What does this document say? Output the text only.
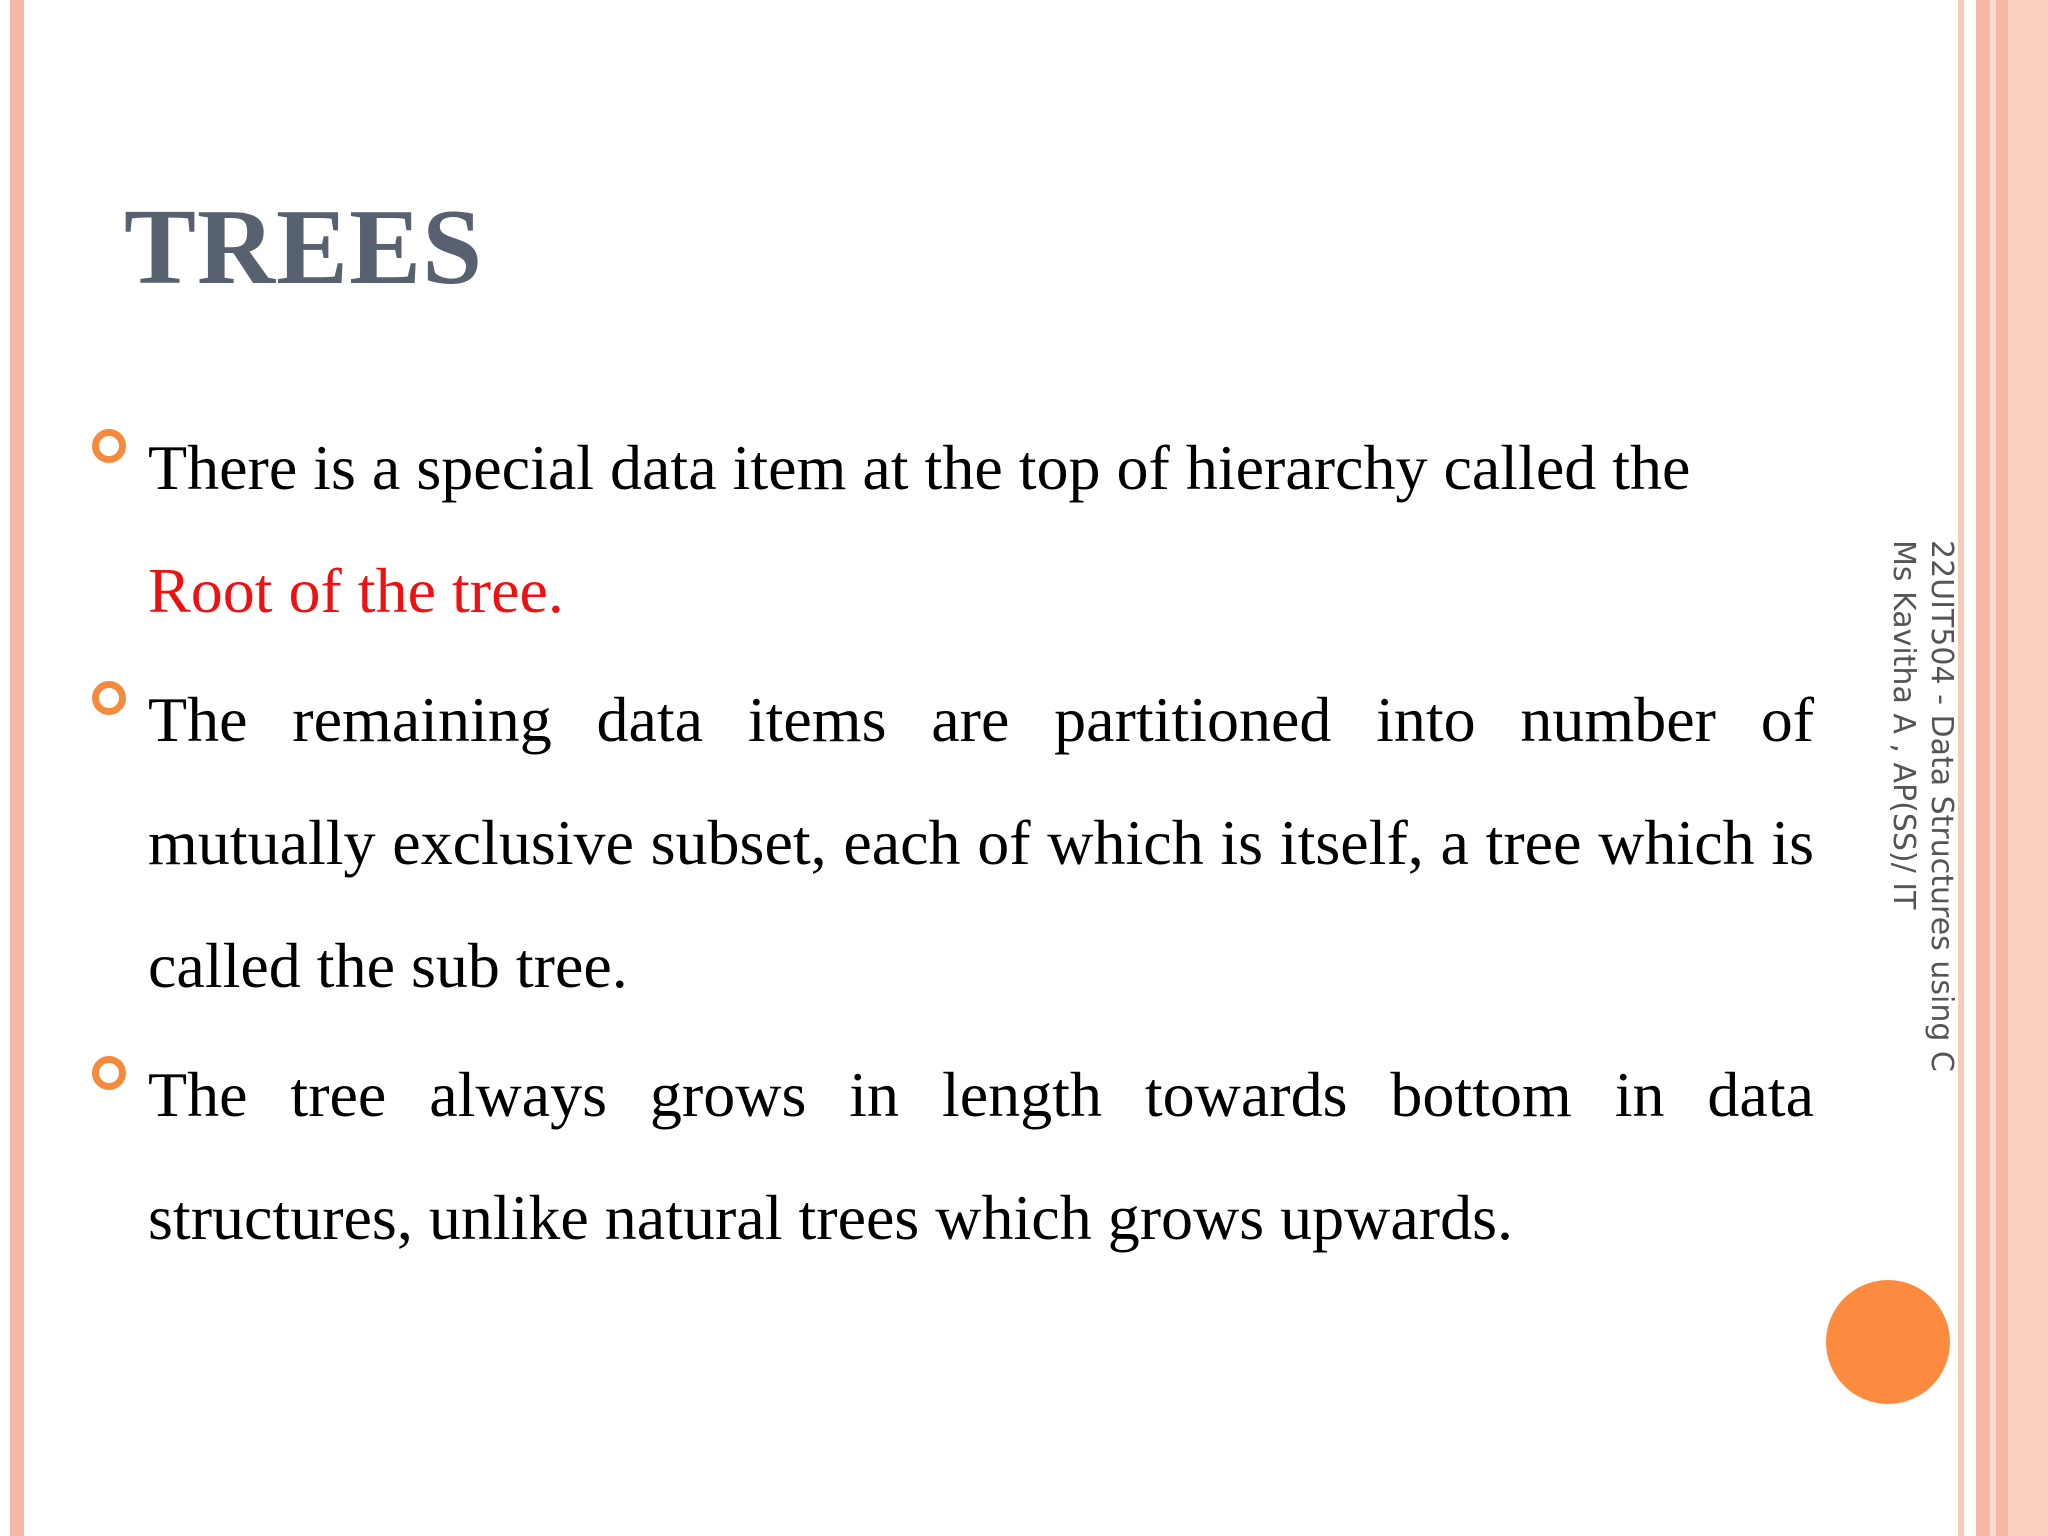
TREES

There is a special data item at the top of hierarchy called the
Root of the tree.

The remaining data items are partitioned into number of mutually exclusive subset, each of which is itself, a tree which is called the sub tree.

The tree always grows in length towards bottom in data structures, unlike natural trees which grows upwards.

22UIT504 - Data Structures using C
Ms Kavitha A , AP(SS)/ IT
